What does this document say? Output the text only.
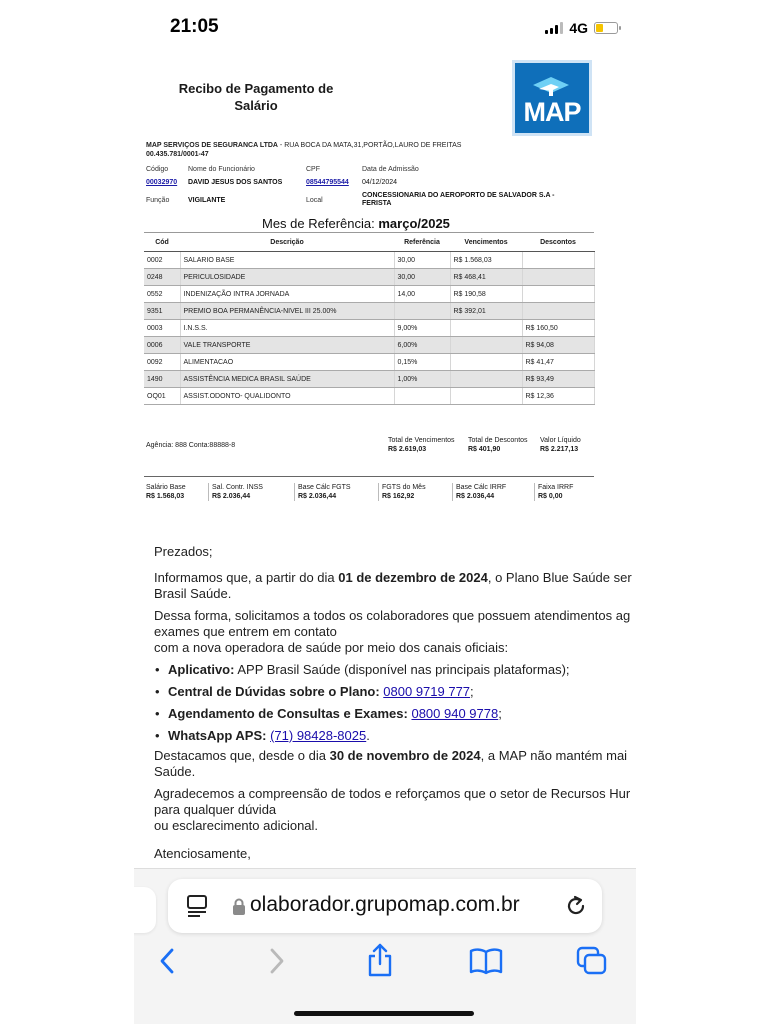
21:05	4G
Recibo de Pagamento de Salário	MAP
MAP SERVIÇOS DE SEGURANCA LTDA - RUA BOCA DA MATA,31,PORTÃO,LAURO DE FREITAS
00.435.781/0001-47
Código	Nome do Funcionário	CPF	Data de Admissão
00032970 DAVID JESUS DOS SANTOS	08544795544 04/12/2024
Função	VIGILANTE	Local
CONCESSIONARIA DO AEROPORTO DE SALVADOR S.A - FERISTA
Mes de Referência: março/2025
Cód	Descrição	Referência	Vencimentos	Descontos
0002	SALARIO BASE	30,00	R$ 1.568,03	
0248	PERICULOSIDADE	30,00	R$ 468,41	
0552	INDENIZAÇÃO INTRA JORNADA	14,00	R$ 190,58	
9351	PREMIO BOA PERMANÊNCIA-NIVEL III 25.00%		R$ 392,01	
0003	I.N.S.S.	9,00%		R$ 160,50
0006	VALE TRANSPORTE	6,00%		R$ 94,08
0092	ALIMENTACAO	0,15%		R$ 41,47
1490	ASSISTÊNCIA MEDICA BRASIL SAÚDE	1,00%		R$ 93,49
OQ01	ASSIST.ODONTO- QUALIDONTO			R$ 12,36
Agência: 888 Conta:88888-8
Total de Vencimentos
R$ 2.619,03
Total de Descontos
R$ 401,90
Valor Líquido
R$ 2.217,13
Salário Base
R$ 1.568,03
Sal. Contr. INSS
R$ 2.036,44
Base Cálc FGTS
R$ 2.036,44
FGTS do Mês
R$ 162,92
Base Cálc IRRF
R$ 2.036,44
Faixa IRRF
R$ 0,00

Prezados;

Informamos que, a partir do dia 01 de dezembro de 2024, o Plano Blue Saúde ser
Brasil Saúde.

Dessa forma, solicitamos a todos os colaboradores que possuem atendimentos ag
exames que entrem em contato
com a nova operadora de saúde por meio dos canais oficiais:

• Aplicativo: APP Brasil Saúde (disponível nas principais plataformas);

• Central de Dúvidas sobre o Plano: 0800 9719 777;

• Agendamento de Consultas e Exames: 0800 940 9778;

• WhatsApp APS: (71) 98428-8025.

Destacamos que, desde o dia 30 de novembro de 2024, a MAP não mantém mai
Saúde.

Agradecemos a compreensão de todos e reforçamos que o setor de Recursos Hur
para qualquer dúvida
ou esclarecimento adicional.

Atenciosamente,

olaborador.grupomap.com.br
